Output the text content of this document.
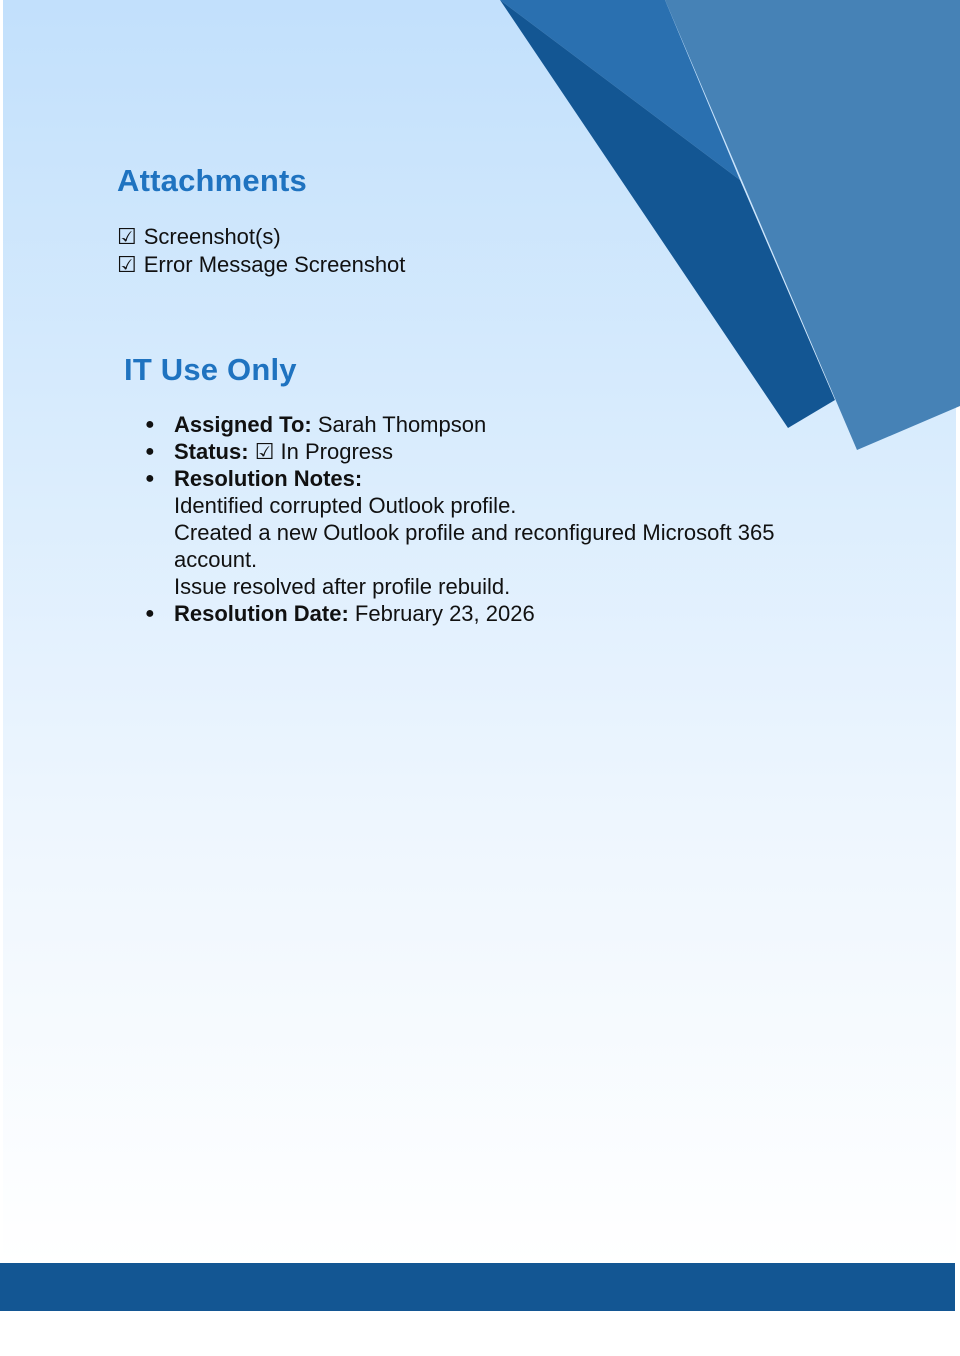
Attachments
☑ Screenshot(s)
☑ Error Message Screenshot
IT Use Only
● Assigned To: Sarah Thompson
● Status: ☑ In Progress
● Resolution Notes:
Identified corrupted Outlook profile.
Created a new Outlook profile and reconfigured Microsoft 365
account.
Issue resolved after profile rebuild.
● Resolution Date: February 23, 2026
